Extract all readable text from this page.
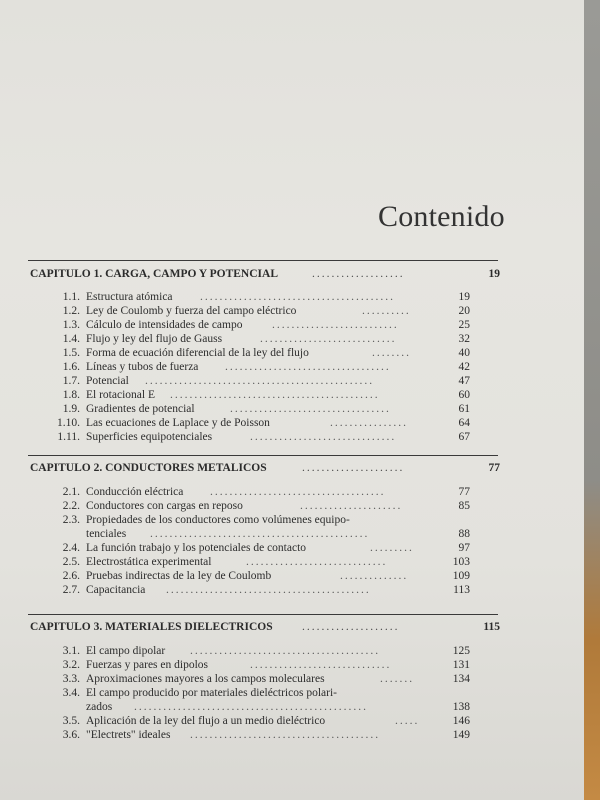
Contenido
CAPITULO 1. CARGA, CAMPO Y POTENCIAL	...................	19
1.1. Estructura atómica ........................................	19
1.2. Ley de Coulomb y fuerza del campo eléctrico	..........	20
1.3. Cálculo de intensidades de campo	..........................	25
1.4. Flujo y ley del flujo de Gauss	............................	32
1.5. Forma de ecuación diferencial de la ley del flujo	........	40
1.6. Líneas y tubos de fuerza ..................................	42
1.7. Potencial ...............................................	47
1.8. El rotacional E ...........................................	60
1.9. Gradientes de potencial	.................................	61
1.10. Las ecuaciones de Laplace y de Poisson	................	64
1.11. Superficies equipotenciales	..............................	67
CAPITULO 2. CONDUCTORES METALICOS	.....................	77
2.1. Conducción eléctrica ....................................	77
2.2. Conductores con cargas en reposo	.....................	85
2.3. Propiedades de los conductores como volúmenes equipo-
tenciales .............................................	88
2.4. La función trabajo y los potenciales de contacto	.........	97
2.5. Electrostática experimental	.............................	103
2.6. Pruebas indirectas de la ley de Coulomb	..............	109
2.7. Capacitancia ..........................................	113
CAPITULO 3. MATERIALES DIELECTRICOS	....................	115
3.1. El campo dipolar .......................................	125
3.2. Fuerzas y pares en dipolos	.............................	131
3.3. Aproximaciones mayores a los campos moleculares	.......	134
3.4. El campo producido por materiales dieléctricos polari-
zados ................................................	138
3.5. Aplicación de la ley del flujo a un medio dieléctrico	.....	146
3.6. "Electrets" ideales .......................................	149
